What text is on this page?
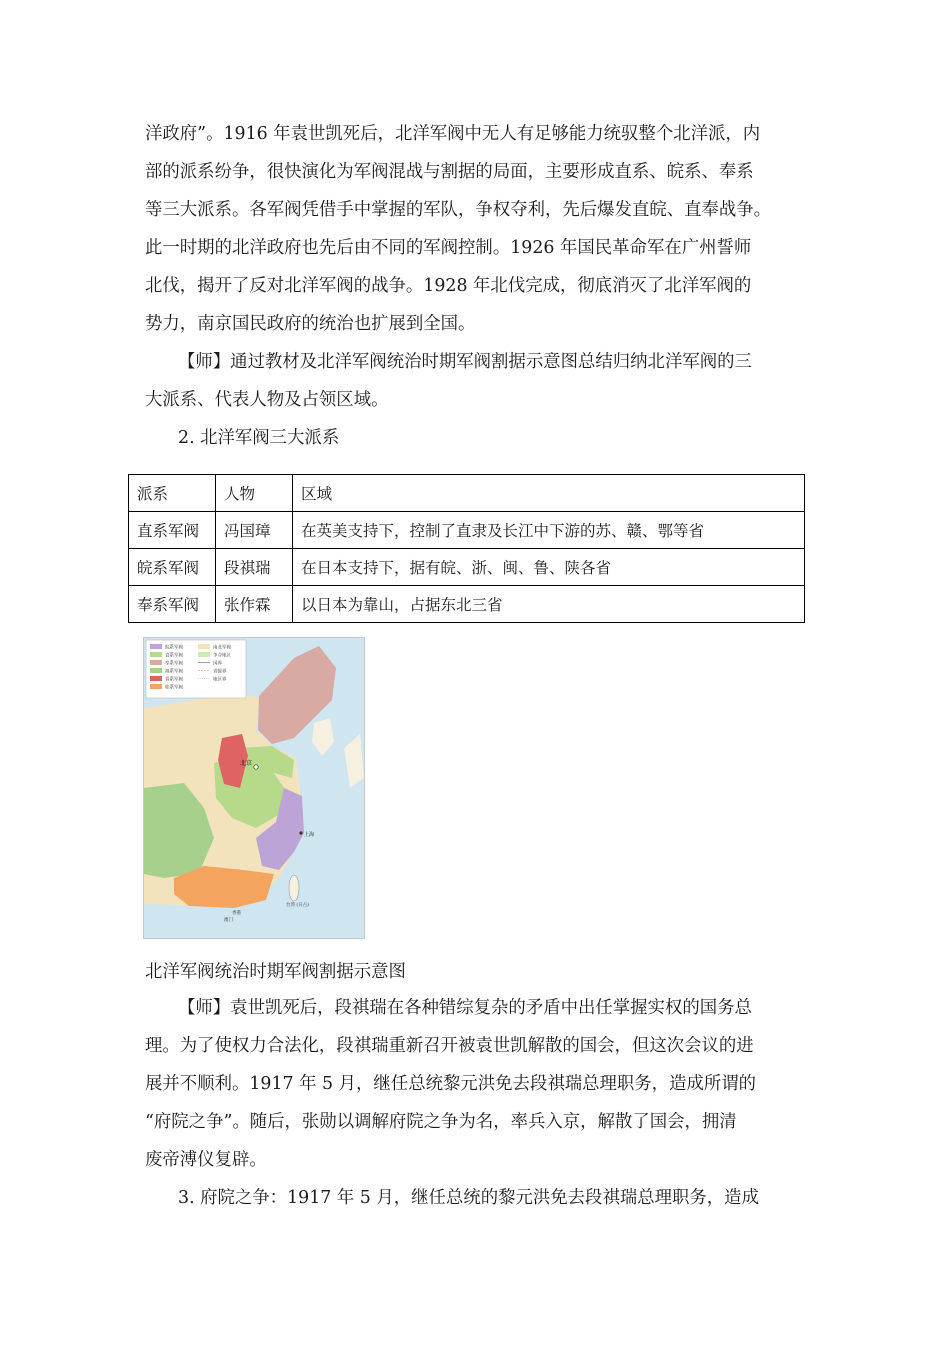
洋政府”。1916 年袁世凯死后，北洋军阀中无人有足够能力统驭整个北洋派，内
部的派系纷争，很快演化为军阀混战与割据的局面，主要形成直系、皖系、奉系
等三大派系。各军阀凭借手中掌握的军队，争权夺利，先后爆发直皖、直奉战争。
此一时期的北洋政府也先后由不同的军阀控制。1926 年国民革命军在广州誓师
北伐，揭开了反对北洋军阀的战争。1928 年北伐完成，彻底消灭了北洋军阀的
势力，南京国民政府的统治也扩展到全国。
【师】通过教材及北洋军阀统治时期军阀割据示意图总结归纳北洋军阀的三
大派系、代表人物及占领区域。
2. 北洋军阀三大派系
派系	人物	区域
直系军阀	冯国璋	在英美支持下，控制了直隶及长江中下游的苏、赣、鄂等省
皖系军阀	段祺瑞	在日本支持下，据有皖、浙、闽、鲁、陕各省
奉系军阀	张作霖	以日本为靠山，占据东北三省
皖系军阀
直系军阀
奉系军阀
滇系军阀
晋系军阀
桂系军阀
南北军阀
争夺地区
国界
省级界
地区界
北京
上海
台湾 (日占)
香港
澳门
北洋军阀统治时期军阀割据示意图
【师】袁世凯死后，段祺瑞在各种错综复杂的矛盾中出任掌握实权的国务总
理。为了使权力合法化，段祺瑞重新召开被袁世凯解散的国会，但这次会议的进
展并不顺利。1917 年 5 月，继任总统黎元洪免去段祺瑞总理职务，造成所谓的
“府院之争”。随后，张勋以调解府院之争为名，率兵入京，解散了国会，拥清
废帝溥仪复辟。
3. 府院之争：1917 年 5 月，继任总统的黎元洪免去段祺瑞总理职务，造成
